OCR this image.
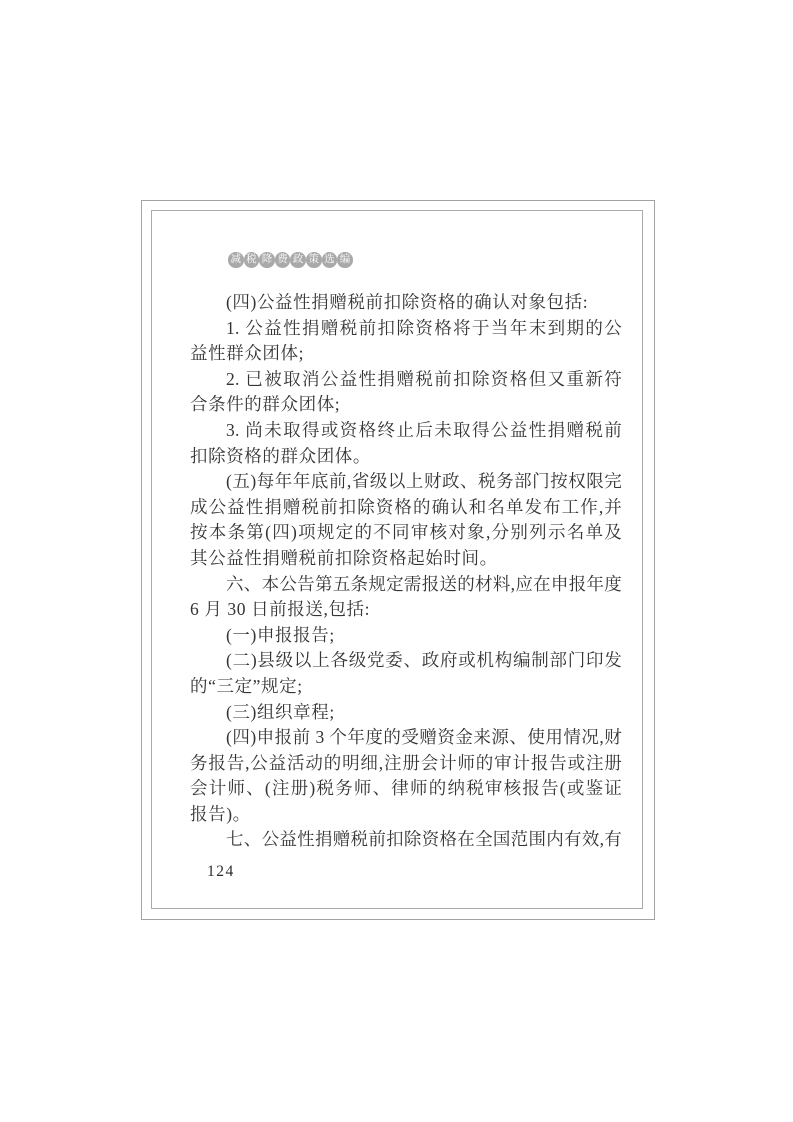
减 税 降 费 政 策 选 编
(四)公益性捐赠税前扣除资格的确认对象包括:
1. 公益性捐赠税前扣除资格将于当年末到期的公
益性群众团体;
2. 已被取消公益性捐赠税前扣除资格但又重新符
合条件的群众团体;
3. 尚未取得或资格终止后未取得公益性捐赠税前
扣除资格的群众团体。
(五)每年年底前,省级以上财政、税务部门按权限完
成公益性捐赠税前扣除资格的确认和名单发布工作,并
按本条第(四)项规定的不同审核对象,分别列示名单及
其公益性捐赠税前扣除资格起始时间。
六、本公告第五条规定需报送的材料,应在申报年度
6 月 30 日前报送,包括:
(一)申报报告;
(二)县级以上各级党委、政府或机构编制部门印发
的“三定”规定;
(三)组织章程;
(四)申报前 3 个年度的受赠资金来源、使用情况,财
务报告,公益活动的明细,注册会计师的审计报告或注册
会计师、(注册)税务师、律师的纳税审核报告(或鉴证
报告)。
七、公益性捐赠税前扣除资格在全国范围内有效,有
124
